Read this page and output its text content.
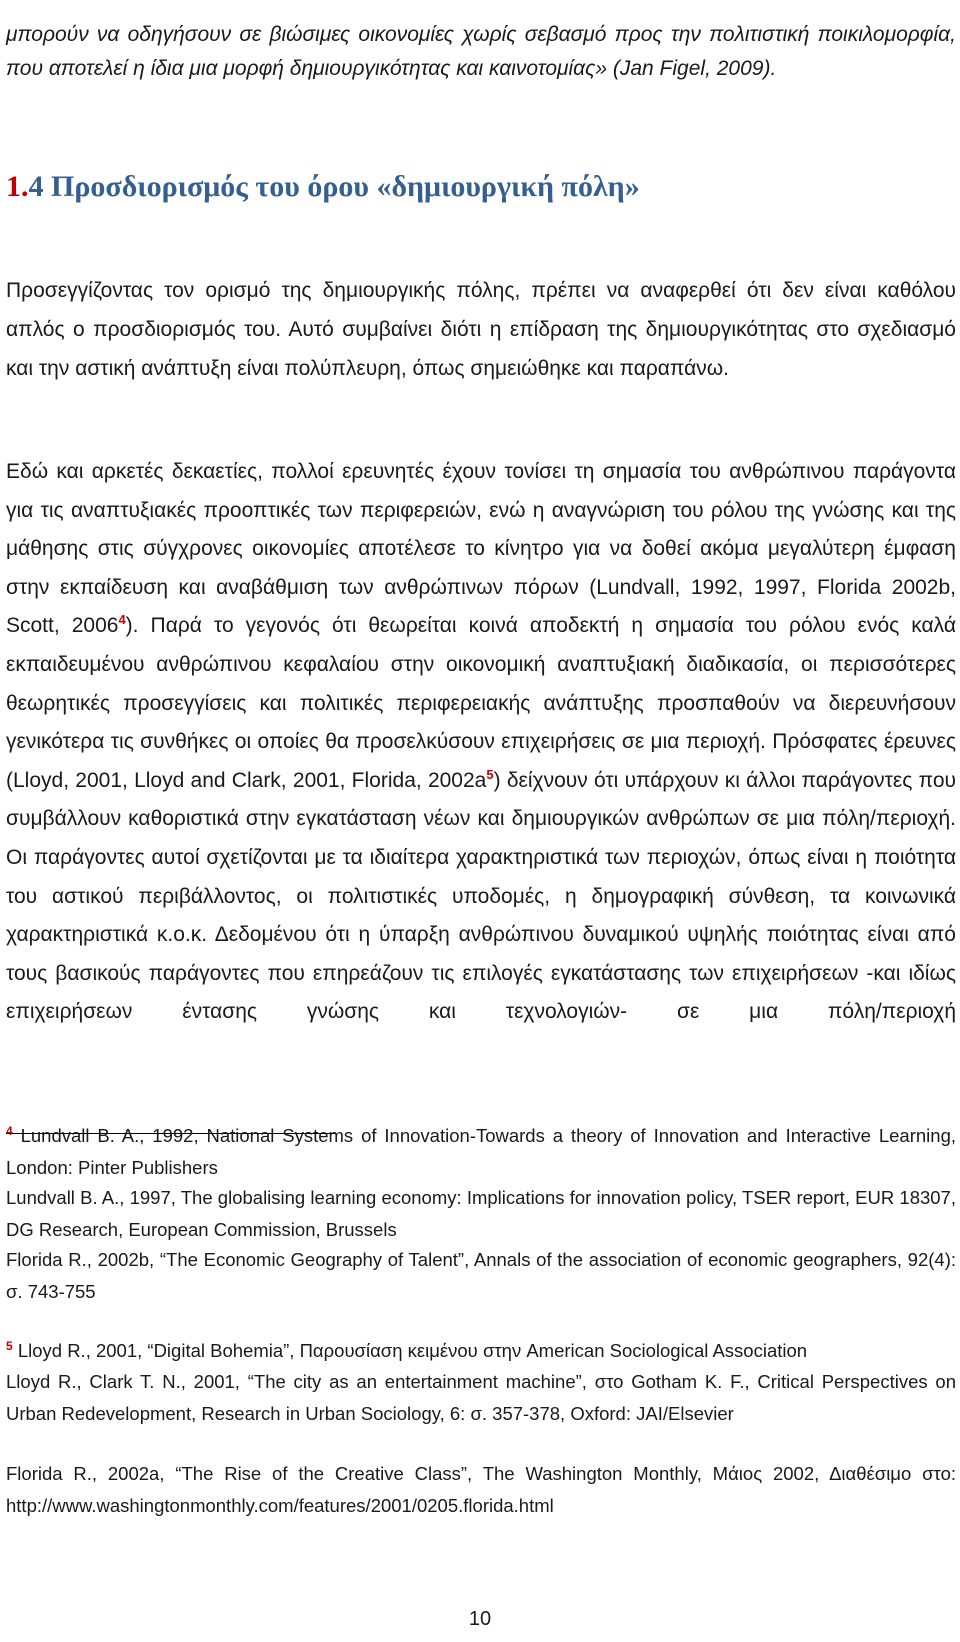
μπορούν να οδηγήσουν σε βιώσιμες οικονομίες χωρίς σεβασμό προς την πολιτιστική ποικιλομορφία, που αποτελεί η ίδια μια μορφή δημιουργικότητας και καινοτομίας» (Jan Figel, 2009).

1.4 Προσδιορισμός του όρου «δημιουργική πόλη»

Προσεγγίζοντας τον ορισμό της δημιουργικής πόλης, πρέπει να αναφερθεί ότι δεν είναι καθόλου απλός ο προσδιορισμός του. Αυτό συμβαίνει διότι η επίδραση της δημιουργικότητας στο σχεδιασμό και την αστική ανάπτυξη είναι πολύπλευρη, όπως σημειώθηκε και παραπάνω.

Εδώ και αρκετές δεκαετίες, πολλοί ερευνητές έχουν τονίσει τη σημασία του ανθρώπινου παράγοντα για τις αναπτυξιακές προοπτικές των περιφερειών, ενώ η αναγνώριση του ρόλου της γνώσης και της μάθησης στις σύγχρονες οικονομίες αποτέλεσε το κίνητρο για να δοθεί ακόμα μεγαλύτερη έμφαση στην εκπαίδευση και αναβάθμιση των ανθρώπινων πόρων (Lundvall, 1992, 1997, Florida 2002b, Scott, 2006$^4$). Παρά το γεγονός ότι θεωρείται κοινά αποδεκτή η σημασία του ρόλου ενός καλά εκπαιδευμένου ανθρώπινου κεφαλαίου στην οικονομική αναπτυξιακή διαδικασία, οι περισσότερες θεωρητικές προσεγγίσεις και πολιτικές περιφερειακής ανάπτυξης προσπαθούν να διερευνήσουν γενικότερα τις συνθήκες οι οποίες θα προσελκύσουν επιχειρήσεις σε μια περιοχή. Πρόσφατες έρευνες (Lloyd, 2001, Lloyd and Clark, 2001, Florida, $2002a^5$) δείχνουν ότι υπάρχουν κι άλλοι παράγοντες που συμβάλλουν καθοριστικά στην εγκατάσταση νέων και δημιουργικών ανθρώπων σε μια πόλη/περιοχή. Οι παράγοντες αυτοί σχετίζονται με τα ιδιαίτερα χαρακτηριστικά των περιοχών, όπως είναι η ποιότητα του αστικού περιβάλλοντος, οι πολιτιστικές υποδομές, η δημογραφική σύνθεση, τα κοινωνικά χαρακτηριστικά κ.ο.κ. Δεδομένου ότι η ύπαρξη ανθρώπινου δυναμικού υψηλής ποιότητας είναι από τους βασικούς παράγοντες που επηρεάζουν τις επιλογές εγκατάστασης των επιχειρήσεων -και ιδίως επιχειρήσεων έντασης γνώσης και τεχνολογιών- σε μια πόλη/περιοχή

$^4$ Lundvall B. A., 1992, National Systems of Innovation-Towards a theory of Innovation and Interactive Learning, London: Pinter Publishers

Lundvall B. A., 1997, The globalising learning economy: Implications for innovation policy, TSER report, EUR 18307, DG Research, European Commission, Brussels

Florida R., 2002b, “The Economic Geography of Talent”, Annals of the association of economic geographers, 92(4): σ. 743-755

$^5$ Lloyd R., 2001, “Digital Bohemia”, Παρουσίαση κειμένου στην American Sociological Association

Lloyd R., Clark T. N., 2001, “The city as an entertainment machine”, στο Gotham K. F., Critical Perspectives on Urban Redevelopment, Research in Urban Sociology, 6: σ. 357-378, Oxford: JAI/Elsevier

Florida R., 2002a, “The Rise of the Creative Class”, The Washington Monthly, Μάιος 2002, Διαθέσιμο στο: http://www.washingtonmonthly.com/features/2001/0205.florida.html

10
